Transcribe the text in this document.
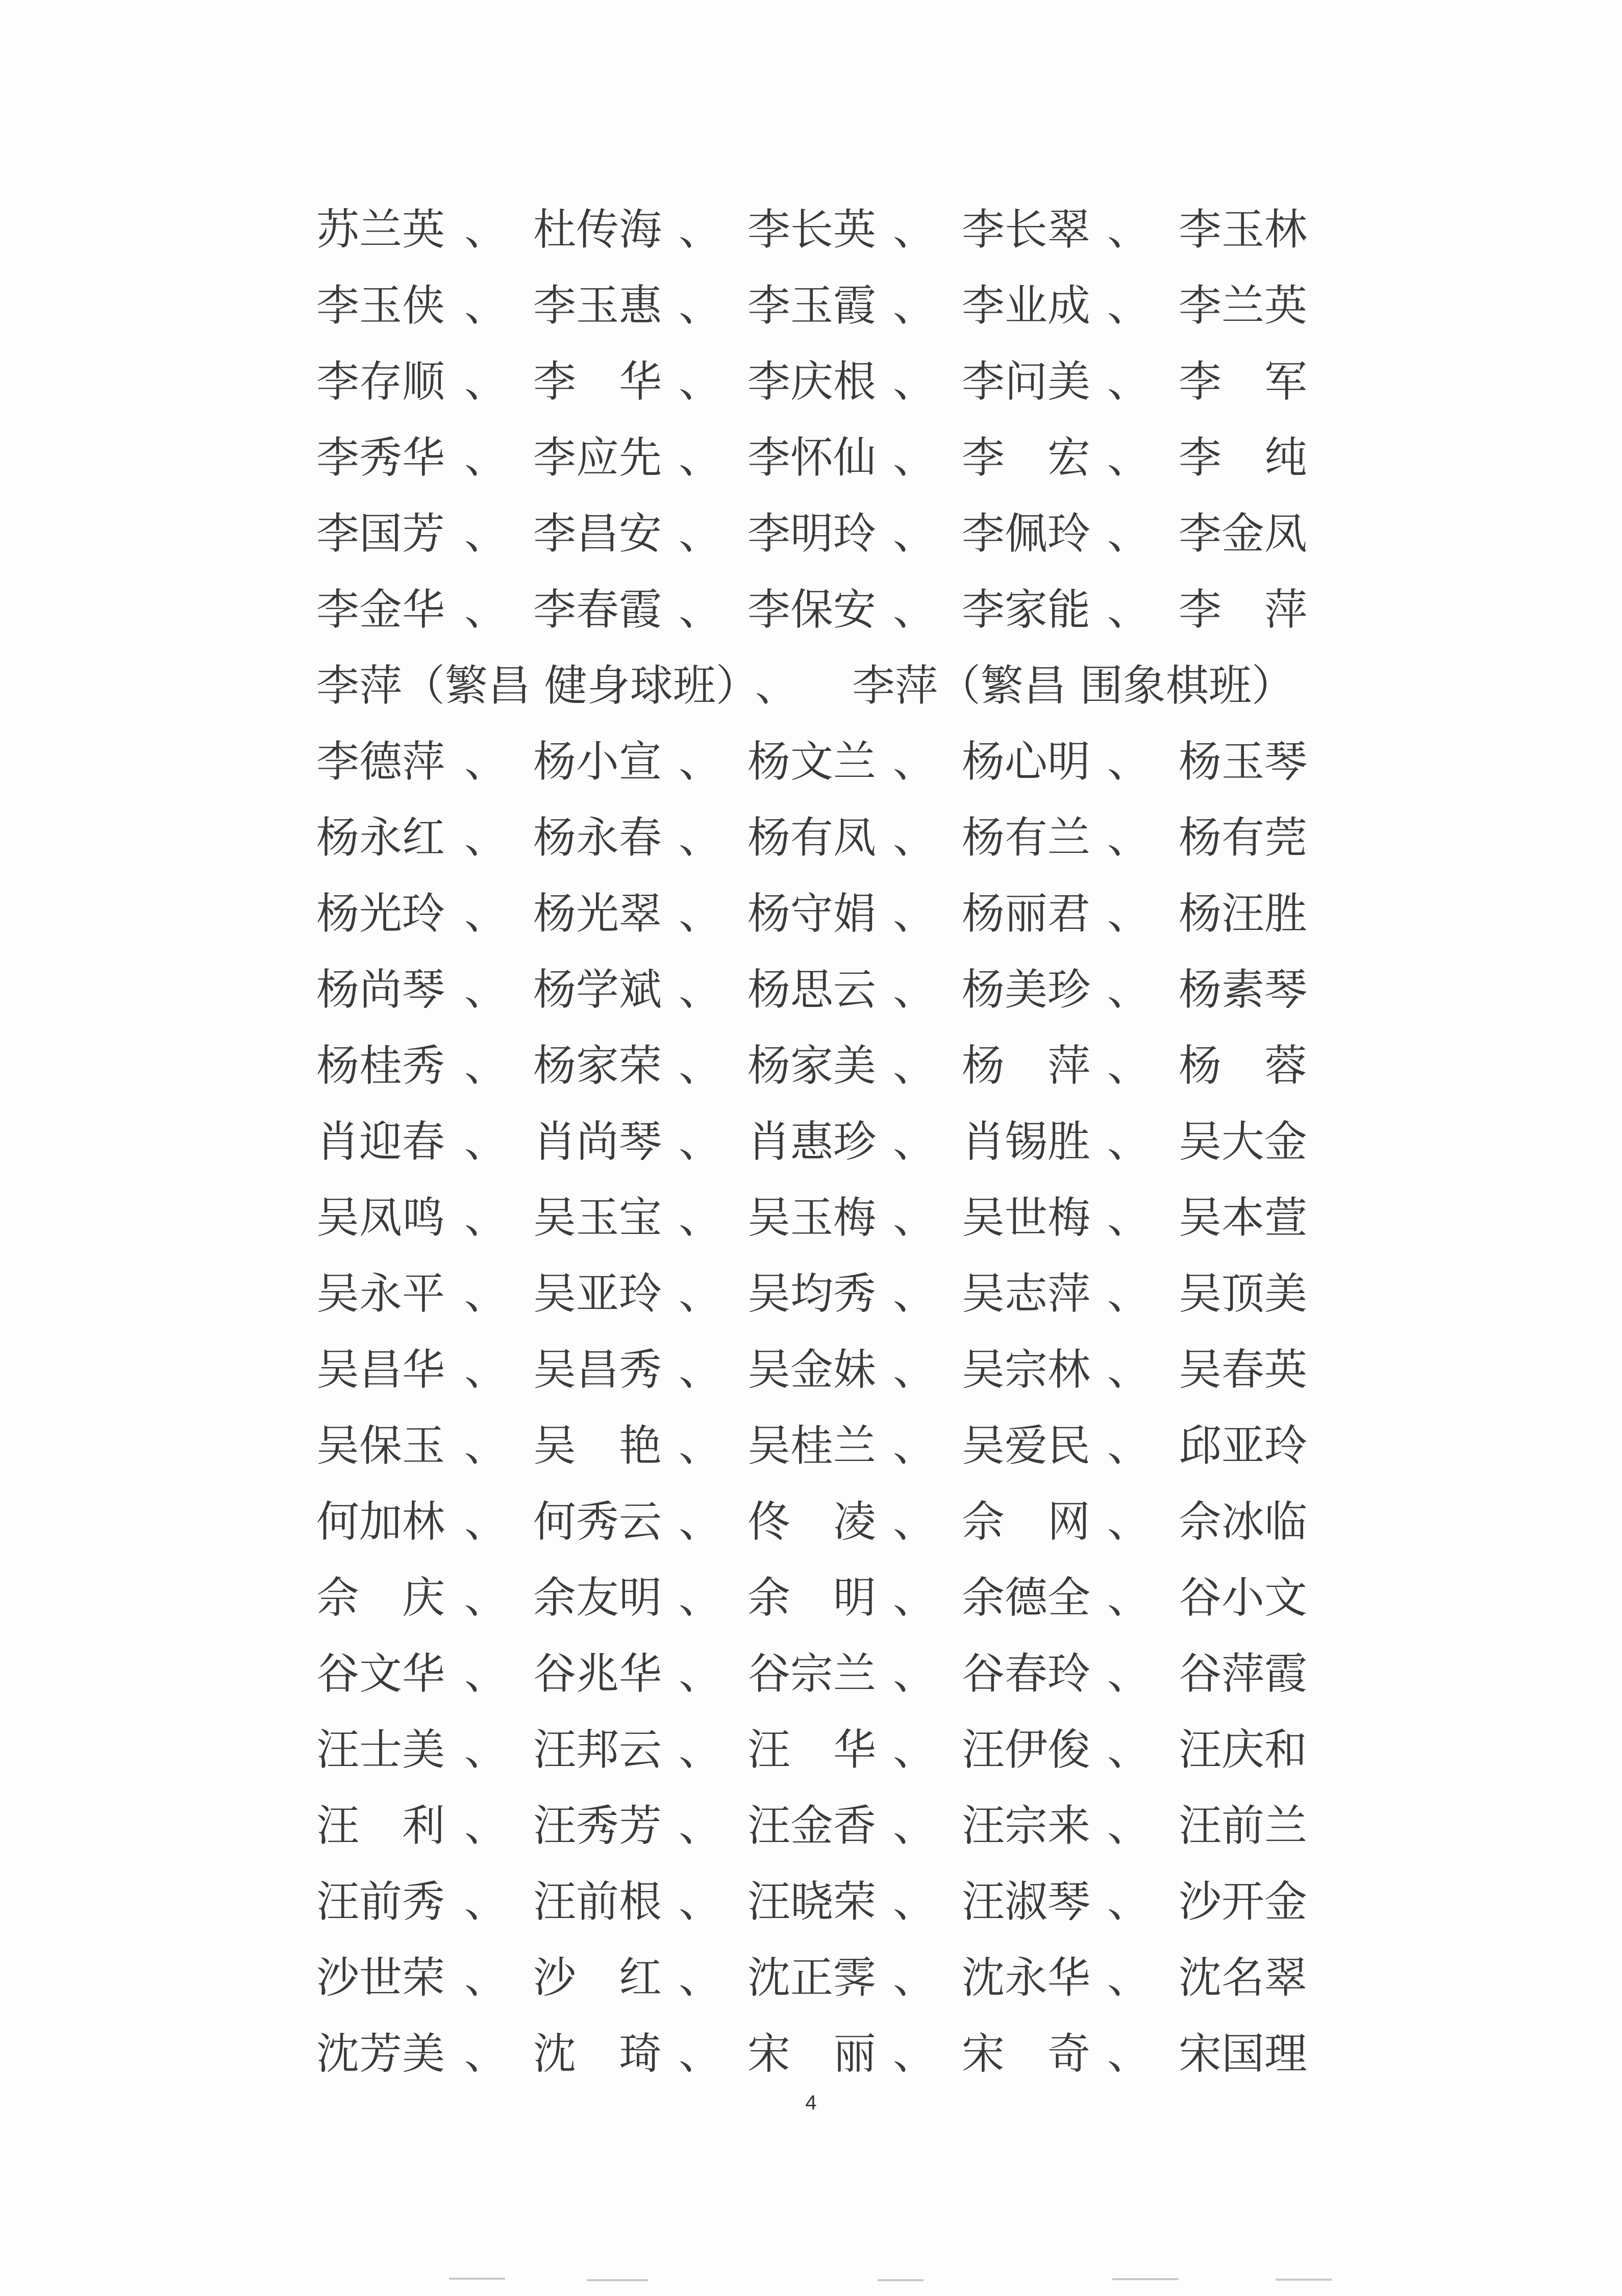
苏 兰 英 、 杜 传 海 、 李 长 英 、 李 长 翠 、 李 玉 林
李 玉 侠 、 李 玉 惠 、 李 玉 霞 、 李 业 成 、 李 兰 英
李 存 顺 、 李 华 、 李 庆 根 、 李 问 美 、 李 军
李 秀 华 、 李 应 先 、 李 怀 仙 、 李 宏 、 李 纯
李 国 芳 、 李 昌 安 、 李 明 玲 、 李 佩 玲 、 李 金 凤
李 金 华 、 李 春 霞 、 李 保 安 、 李 家 能 、 李 萍
李萍（繁昌 健身球班）
、 李萍（繁昌 围象棋班）
李 德 萍 、 杨 小 宣 、 杨 文 兰 、 杨 心 明 、 杨 玉 琴
杨 永 红 、 杨 永 春 、 杨 有 凤 、 杨 有 兰 、 杨 有 莞
杨 光 玲 、 杨 光 翠 、 杨 守 娟 、 杨 丽 君 、 杨 汪 胜
杨 尚 琴 、 杨 学 斌 、 杨 思 云 、 杨 美 珍 、 杨 素 琴
杨 桂 秀 、 杨 家 荣 、 杨 家 美 、 杨 萍 、 杨 蓉
肖 迎 春 、 肖 尚 琴 、 肖 惠 珍 、 肖 锡 胜 、 吴 大 金
吴 凤 鸣 、 吴 玉 宝 、 吴 玉 梅 、 吴 世 梅 、 吴 本 萱
吴 永 平 、 吴 亚 玲 、 吴 均 秀 、 吴 志 萍 、 吴 顶 美
吴 昌 华 、 吴 昌 秀 、 吴 金 妹 、 吴 宗 林 、 吴 春 英
吴 保 玉 、 吴 艳 、 吴 桂 兰 、 吴 爱 民 、 邱 亚 玲
何 加 林 、 何 秀 云 、 佟 凌 、 佘 网 、 佘 冰 临
佘 庆 、 余 友 明 、 余 明 、 余 德 全 、 谷 小 文
谷 文 华 、 谷 兆 华 、 谷 宗 兰 、 谷 春 玲 、 谷 萍 霞
汪 士 美 、 汪 邦 云 、 汪 华 、 汪 伊 俊 、 汪 庆 和
汪 利 、 汪 秀 芳 、 汪 金 香 、 汪 宗 来 、 汪 前 兰
汪 前 秀 、 汪 前 根 、 汪 晓 荣 、 汪 淑 琴 、 沙 开 金
沙 世 荣 、 沙 红 、 沈 正 霁 、 沈 永 华 、 沈 名 翠
沈 芳 美 、 沈 琦 、 宋 丽 、 宋 奇 、 宋 国 理
4
